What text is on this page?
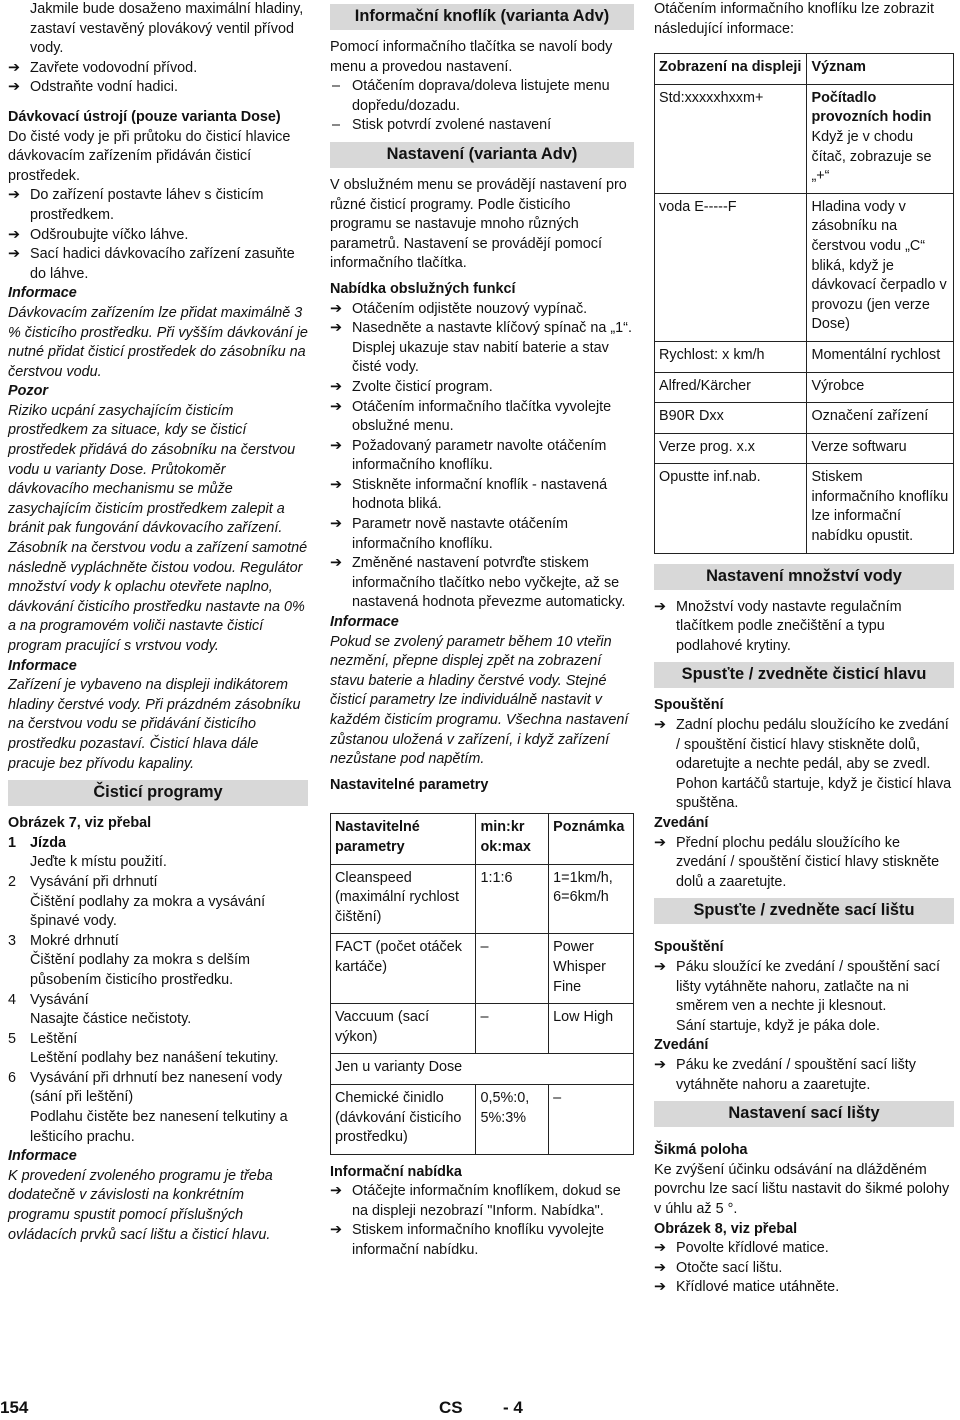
Jakmile bude dosaženo maximální hladiny, zastaví vestavěný plovákový ventil přívod vody.

➔ Zavřete vodovodní přívod.

➔ Odstraňte vodní hadici.

Dávkovací ústrojí (pouze varianta Dose)

Do čisté vody je při průtoku do čisticí hlavice dávkovacím zařízením přidáván čisticí prostředek.

➔ Do zařízení postavte láhev s čisticím prostředkem.

➔ Odšroubujte víčko láhve.

➔ Sací hadici dávkovacího zařízení zasuňte do láhve.

Informace

Dávkovacím zařízením lze přidat maximálně 3 % čisticího prostředku. Při vyšším dávkování je nutné přidat čisticí prostředek do zásobníku na čerstvou vodu.

Pozor

Riziko ucpání zasychajícím čisticím prostředkem za situace, kdy se čisticí prostředek přidává do zásobníku na čerstvou vodu u varianty Dose. Průtokoměr dávkovacího mechanismu se může zasychajícím čisticím prostředkem zalepit a bránit pak fungování dávkovacího zařízení. Zásobník na čerstvou vodu a zařízení samotné následně vypláchněte čistou vodou. Regulátor množství vody k oplachu otevřete naplno, dávkování čisticího prostředku nastavte na 0% a na programovém voliči nastavte čisticí program pracující s vrstvou vody.

Informace

Zařízení je vybaveno na displeji indikátorem hladiny čerstvé vody. Při prázdném zásobníku na čerstvou vodu se přidávání čisticího prostředku pozastaví. Čisticí hlava dále pracuje bez přívodu kapaliny.

Čisticí programy

Obrázek 7, viz přebal

1 Jízda

Jeďte k místu použití.

2 Vysávání při drhnutí

Čištění podlahy za mokra a vysávání špinavé vody.

3 Mokré drhnutí

Čištění podlahy za mokra s delším působením čisticího prostředku.

4 Vysávání

Nasajte částice nečistoty.

5 Leštění

Leštění podlahy bez nanášení tekutiny.

6 Vysávání při drhnutí bez nanesení vody (sání při leštění)

Podlahu čistěte bez nanesení telkutiny a lešticího prachu.

Informace

K provedení zvoleného programu je třeba dodatečně v závislosti na konkrétním programu spustit pomocí příslušných ovládacích prvků sací lištu a čisticí hlavu.

Informační knoflík (varianta Adv)

Pomocí informačního tlačítka se navolí body menu a provedou nastavení.

– Otáčením doprava/doleva listujete menu dopředu/dozadu.

– Stisk potvrdí zvolené nastavení

Nastavení (varianta Adv)

V obslužném menu se provádějí nastavení pro různé čisticí programy. Podle čisticího programu se nastavuje mnoho různých parametrů. Nastavení se provádějí pomocí informačního tlačítka.

Nabídka obslužných funkcí

➔ Otáčením odjistěte nouzový vypínač.

➔ Nasedněte a nastavte klíčový spínač na „1“.

Displej ukazuje stav nabití baterie a stav čisté vody.

➔ Zvolte čisticí program.

➔ Otáčením informačního tlačítka vyvolejte obslužné menu.

➔ Požadovaný parametr navolte otáčením informačního knoflíku.

➔ Stiskněte informační knoflík - nastavená hodnota bliká.

➔ Parametr nově nastavte otáčením informačního knoflíku.

➔ Změněné nastavení potvrďte stiskem informačního tlačítko nebo vyčkejte, až se nastavená hodnota převezme automaticky.

Informace

Pokud se zvolený parametr během 10 vteřin nezmění, přepne displej zpět na zobrazení stavu baterie a hladiny čerstvé vody. Stejné čisticí parametry lze individuálně nastavit v každém čisticím programu. Všechna nastavení zůstanou uložená v zařízení, i když zařízení nezůstane pod napětím.

Nastavitelné parametry

Nastavitelné parametry	min:kr ok:max	Poznámka
Cleanspeed (maximální rychlost čištění)	1:1:6	1=1km/h, 6=6km/h
FACT (počet otáček kartáče)	–	Power Whisper Fine
Vaccuum (sací výkon)	–	Low High
Jen u varianty Dose		
Chemické činidlo (dávkování čisticího prostředku)	0,5%:0, 5%:3%	–

Informační nabídka

➔ Otáčejte informačním knoflíkem, dokud se na displeji nezobrazí "Inform. Nabídka".

➔ Stiskem informačního knoflíku vyvolejte informační nabídku.

Otáčením informačního knoflíku lze zobrazit následující informace:

Zobrazení na displeji	Význam
Std:xxxxxhxxm+	Počítadlo provozních hodin
Když je v chodu čítač, zobrazuje se „+“

voda E-----F	Hladina vody v zásobníku na čerstvou vodu „C“ bliká, když je dávkovací čerpadlo v provozu (jen verze Dose)

Rychlost: x km/h	Momentální rychlost

Alfred/Kärcher	Výrobce

B90R Dxx	Označení zařízení

Verze prog. x.x	Verze softwaru

Opustte inf.nab.	Stiskem informačního knoflíku lze informační nabídku opustit.
Nastavení množství vody

➔ Množství vody nastavte regulačním tlačítkem podle znečištění a typu podlahové krytiny.

Spusťte / zvedněte čisticí hlavu

Spouštění

➔ Zadní plochu pedálu sloužícího ke zvedání / spouštění čisticí hlavy stiskněte dolů, odaretujte a nechte pedál, aby se zvedl.

Pohon kartáčů startuje, když je čisticí hlava spuštěna.

Zvedání

➔ Přední plochu pedálu sloužícího ke zvedání / spouštění čisticí hlavy stiskněte dolů a zaaretujte.

Spusťte / zvedněte sací lištu

Spouštění

➔ Páku sloužící ke zvedání / spouštění sací lišty vytáhněte nahoru, zatlačte na ni směrem ven a nechte ji klesnout.

Sání startuje, když je páka dole.

Zvedání

➔ Páku ke zvedání / spouštění sací lišty vytáhněte nahoru a zaaretujte.

Nastavení sací lišty

Šikmá poloha

Ke zvýšení účinku odsávání na dlážděném povrchu lze sací lištu nastavit do šikmé polohy v úhlu až 5 °.

Obrázek 8, viz přebal

➔ Povolte křídlové matice.

➔ Otočte sací lištu.

➔ Křídlové matice utáhněte.

154	CS - 4
